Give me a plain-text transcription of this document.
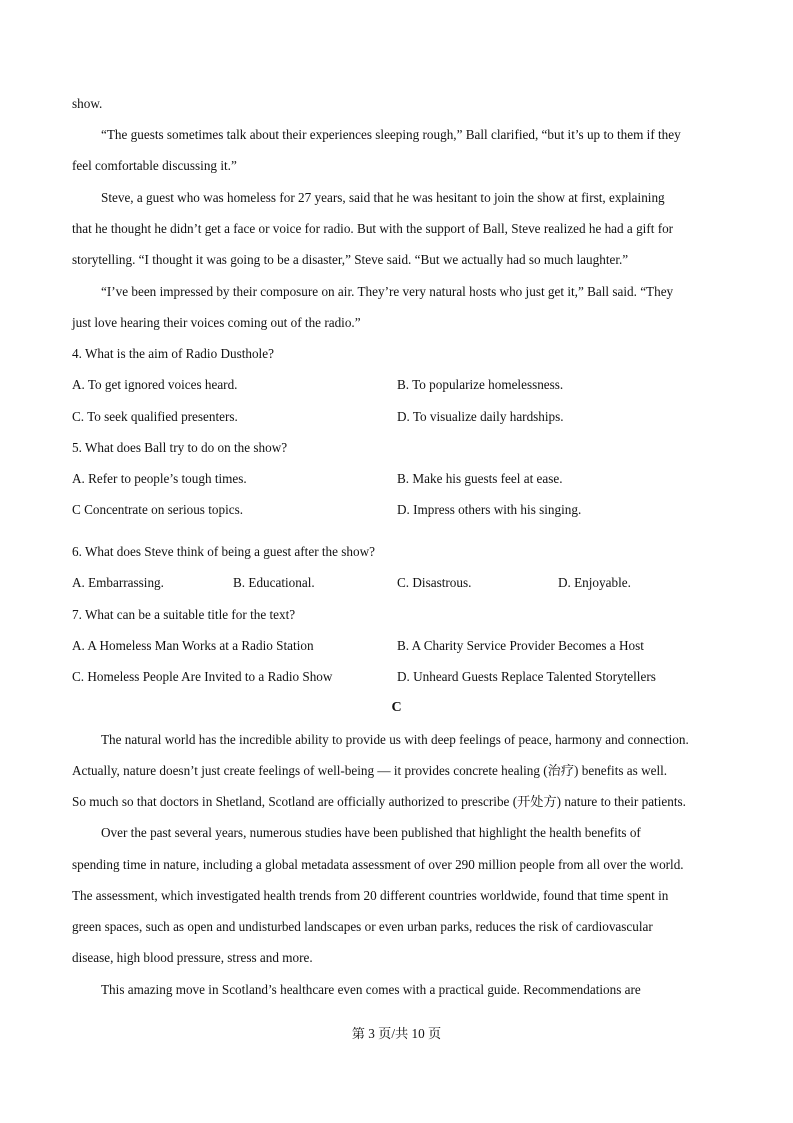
show.
“The guests sometimes talk about their experiences sleeping rough,” Ball clarified, “but it’s up to them if they
feel comfortable discussing it.”
Steve, a guest who was homeless for 27 years, said that he was hesitant to join the show at first, explaining
that he thought he didn’t get a face or voice for radio. But with the support of Ball, Steve realized he had a gift for
storytelling. “I thought it was going to be a disaster,” Steve said. “But we actually had so much laughter.”
“I’ve been impressed by their composure on air. They’re very natural hosts who just get it,” Ball said. “They
just love hearing their voices coming out of the radio.”
4. What is the aim of Radio Dusthole?
A. To get ignored voices heard.	B. To popularize homelessness.
C. To seek qualified presenters.	D. To visualize daily hardships.
5. What does Ball try to do on the show?
A. Refer to people’s tough times.	B. Make his guests feel at ease.
C Concentrate on serious topics.	D. Impress others with his singing.
6. What does Steve think of being a guest after the show?
A. Embarrassing.	B. Educational.	C. Disastrous.	D. Enjoyable.
7. What can be a suitable title for the text?
A. A Homeless Man Works at a Radio Station	B. A Charity Service Provider Becomes a Host
C. Homeless People Are Invited to a Radio Show	D. Unheard Guests Replace Talented Storytellers
C
The natural world has the incredible ability to provide us with deep feelings of peace, harmony and connection.
Actually, nature doesn’t just create feelings of well-being — it provides concrete healing (治疗) benefits as well.
So much so that doctors in Shetland, Scotland are officially authorized to prescribe (开处方) nature to their patients.
Over the past several years, numerous studies have been published that highlight the health benefits of
spending time in nature, including a global metadata assessment of over 290 million people from all over the world.
The assessment, which investigated health trends from 20 different countries worldwide, found that time spent in
green spaces, such as open and undisturbed landscapes or even urban parks, reduces the risk of cardiovascular
disease, high blood pressure, stress and more.
This amazing move in Scotland’s healthcare even comes with a practical guide. Recommendations are
第 3 页/共 10 页
